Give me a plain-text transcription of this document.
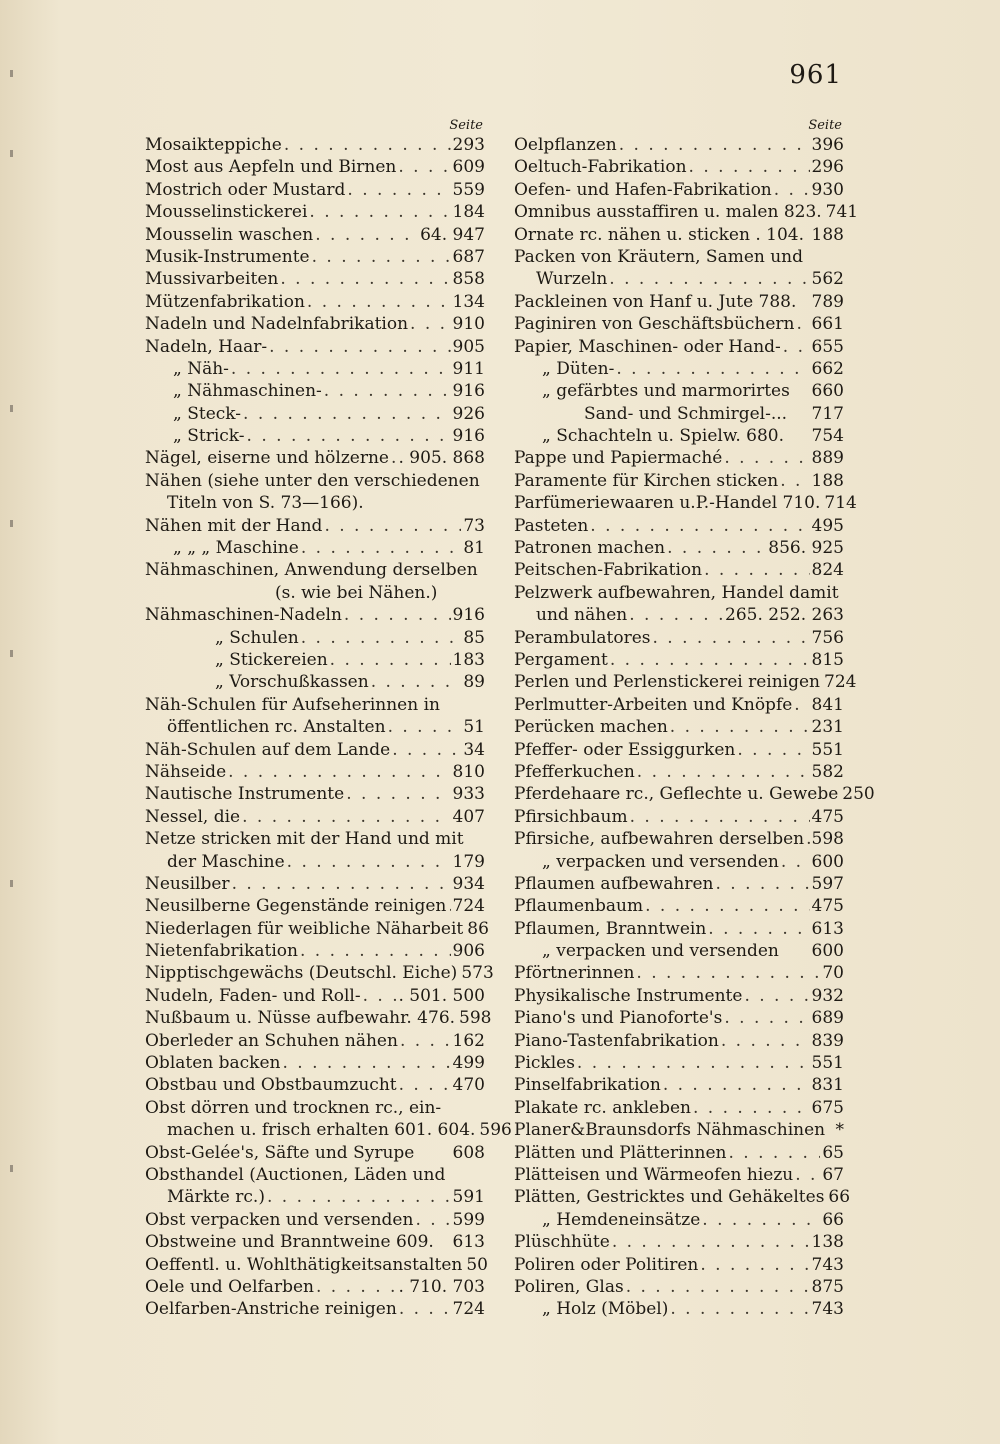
961
Seite
Mosaikteppiche . . .	293
Most aus Aepfeln und Birnen . . .	609
Mostrich oder Mustard . . .	559
Mousselinstickerei . . .	184
Mousselin waschen . . .	64. 947
Musik-Instrumente . . .	687
Mussivarbeiten . . .	858
Mützenfabrikation . . .	134
Nadeln und Nadelnfabrikation . . .	910
Nadeln, Haar- . . .	905
„ Näh- . . .	911
„ Nähmaschinen- . . .	916
„ Steck- . . .	926
„ Strick- . . .	916
Nägel, eiserne und hölzerne . . . . 905. 868
Nähen (siehe unter den verschiedenen
Titeln von S. 73—166).
Nähen mit der Hand . . .	73
„ „ „ Maschine . . .	81
Nähmaschinen, Anwendung derselben
(s. wie bei Nähen.)
Nähmaschinen-Nadeln . . .	916
„ Schulen . . .	85
„ Stickereien . . .	183
„ Vorschußkassen . . .	89
Näh-Schulen für Aufseherinnen in
öffentlichen rc. Anstalten . . .	51
Näh-Schulen auf dem Lande . . .	34
Nähseide . . .	810
Nautische Instrumente . . .	933
Nessel, die . . .	407
Netze stricken mit der Hand und mit
der Maschine . . .	179
Neusilber . . .	934
Neusilberne Gegenstände reinigen . . . 724
Niederlagen für weibliche Näharbeit 86
Nietenfabrikation . . .	906
Nipptischgewächs (Deutschl. Eiche) 573
Nudeln, Faden- und Roll- . . . . 501. 500
Nußbaum u. Nüsse aufbewahr. 476. 598
Oberleder an Schuhen nähen . . .	162
Oblaten backen . . .	499
Obstbau und Obstbaumzucht . . .	470
Obst dörren und trocknen rc., ein-
machen u. frisch erhalten 601. 604. 596
Obst-Gelée's, Säfte und Syrupe 608
Obsthandel (Auctionen, Läden und
Märkte rc.) . . .	591
Obst verpacken und versenden . . . 599
Obstweine und Branntweine 609. 613
Oeffentl. u. Wohlthätigkeitsanstalten 50
Oele und Oelfarben . . .	. 710. 703
Oelfarben-Anstriche reinigen . . .	724
Seite
Oelpflanzen . . .	396
Oeltuch-Fabrikation . . .	296
Oefen- und Hafen-Fabrikation . . . 930
Omnibus ausstaffiren u. malen 823. 741
Ornate rc. nähen u. sticken . 104. 188
Packen von Kräutern, Samen und
Wurzeln . . .	562
Packleinen von Hanf u. Jute 788. 789
Paginiren von Geschäftsbüchern . . . 661
Papier, Maschinen- oder Hand- . . . 655
„ Düten- . . .	662
„ gefärbtes und marmorirtes 660
Sand- und Schmirgel-... 717
„ Schachteln u. Spielw. 680. 754
Pappe und Papiermaché . . .	889
Paramente für Kirchen sticken . . . 188
Parfümeriewaaren u.P.-Handel 710. 714
Pasteten . . .	495
Patronen machen . . .	856. 925
Peitschen-Fabrikation . . .	824
Pelzwerk aufbewahren, Handel damit
und nähen . . .	265. 252. 263
Perambulatores . . .	756
Pergament . . .	815
Perlen und Perlenstickerei reinigen 724
Perlmutter-Arbeiten und Knöpfe . . . 841
Perücken machen . . .	231
Pfeffer- oder Essiggurken . . .	551
Pfefferkuchen . . .	582
Pferdehaare rc., Geflechte u. Gewebe 250
Pfirsichbaum . . .	475
Pfirsiche, aufbewahren derselben . . . 598
„ verpacken und versenden . . . 600
Pflaumen aufbewahren . . .	597
Pflaumenbaum . . .	475
Pflaumen, Branntwein . . .	613
„ verpacken und versenden 600
Pförtnerinnen . . .	70
Physikalische Instrumente . . .	932
Piano's und Pianoforte's . . .	689
Piano-Tastenfabrikation . . .	839
Pickles . . .	551
Pinselfabrikation . . .	831
Plakate rc. ankleben . . .	675
Planer&Braunsdorfs Nähmaschinen *
Plätten und Plätterinnen . . .	65
Plätteisen und Wärmeofen hiezu . . . 67
Plätten, Gestricktes und Gehäkeltes 66
„ Hemdeneinsätze . . .	66
Plüschhüte . . .	138
Poliren oder Politiren . . .	743
Poliren, Glas . . .	875
„ Holz (Möbel) . . .	743
